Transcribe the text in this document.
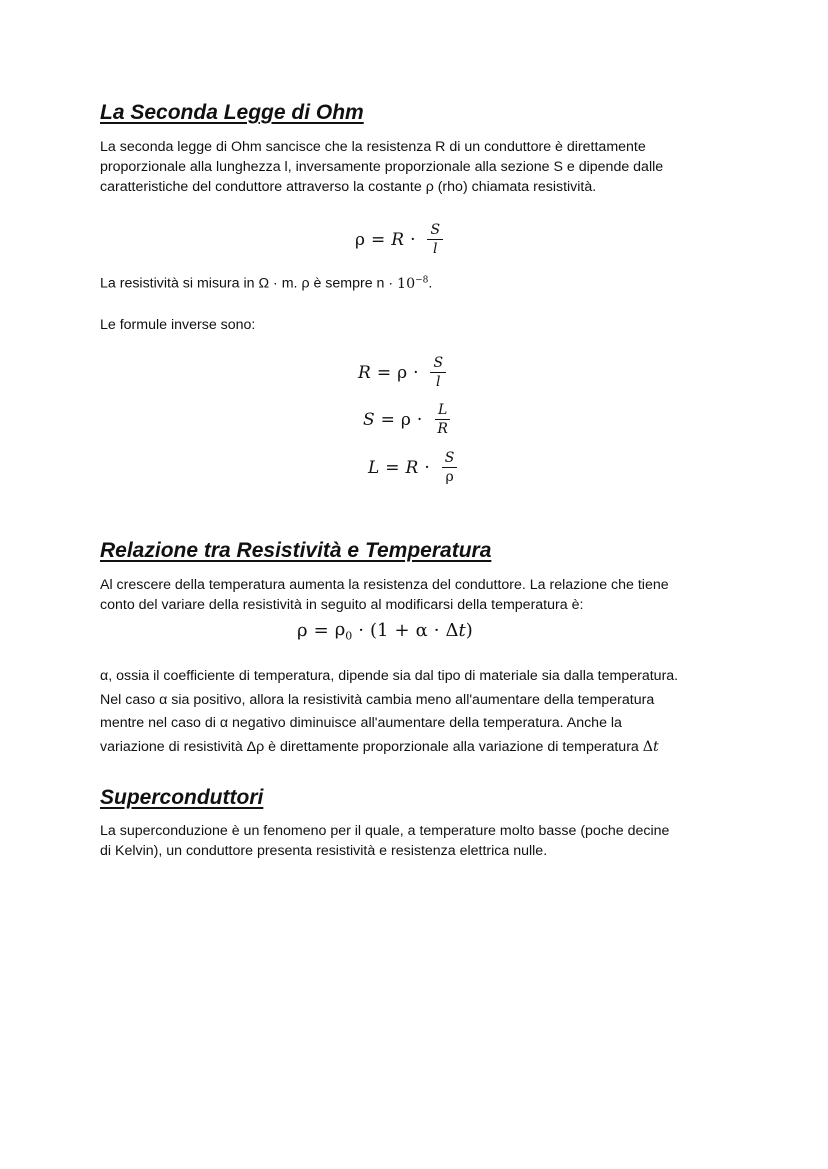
La Seconda Legge di Ohm
La seconda legge di Ohm sancisce che la resistenza R di un conduttore è direttamente
proporzionale alla lunghezza l, inversamente proporzionale alla sezione S e dipende dalle
caratteristiche del conduttore attraverso la costante ρ (rho) chiamata resistività.
$\rho = R \cdot \frac{S}{l}$
La resistività si misura in Ω · m. ρ è sempre $n \cdot 10^{-8}$.
Le formule inverse sono:
$R = \rho \cdot \frac{S}{l}$
$S = \rho \cdot \frac{L}{R}$
$L = R \cdot \frac{S}{\rho}$
Relazione tra Resistività e Temperatura
Al crescere della temperatura aumenta la resistenza del conduttore. La relazione che tiene
conto del variare della resistività in seguito al modificarsi della temperatura è:
$\rho = \rho_0 \cdot (1 + \alpha \cdot \Delta t$ )
α, ossia il coefficiente di temperatura, dipende sia dal tipo di materiale sia dalla temperatura.
Nel caso α sia positivo, allora la resistività cambia meno all'aumentare della temperatura
mentre nel caso di α negativo diminuisce all'aumentare della temperatura. Anche la
variazione di resistività Δρ è direttamente proporzionale alla variazione di temperatura Δt
Superconduttori
La superconduzione è un fenomeno per il quale, a temperature molto basse (poche decine
di Kelvin), un conduttore presenta resistività e resistenza elettrica nulle.
